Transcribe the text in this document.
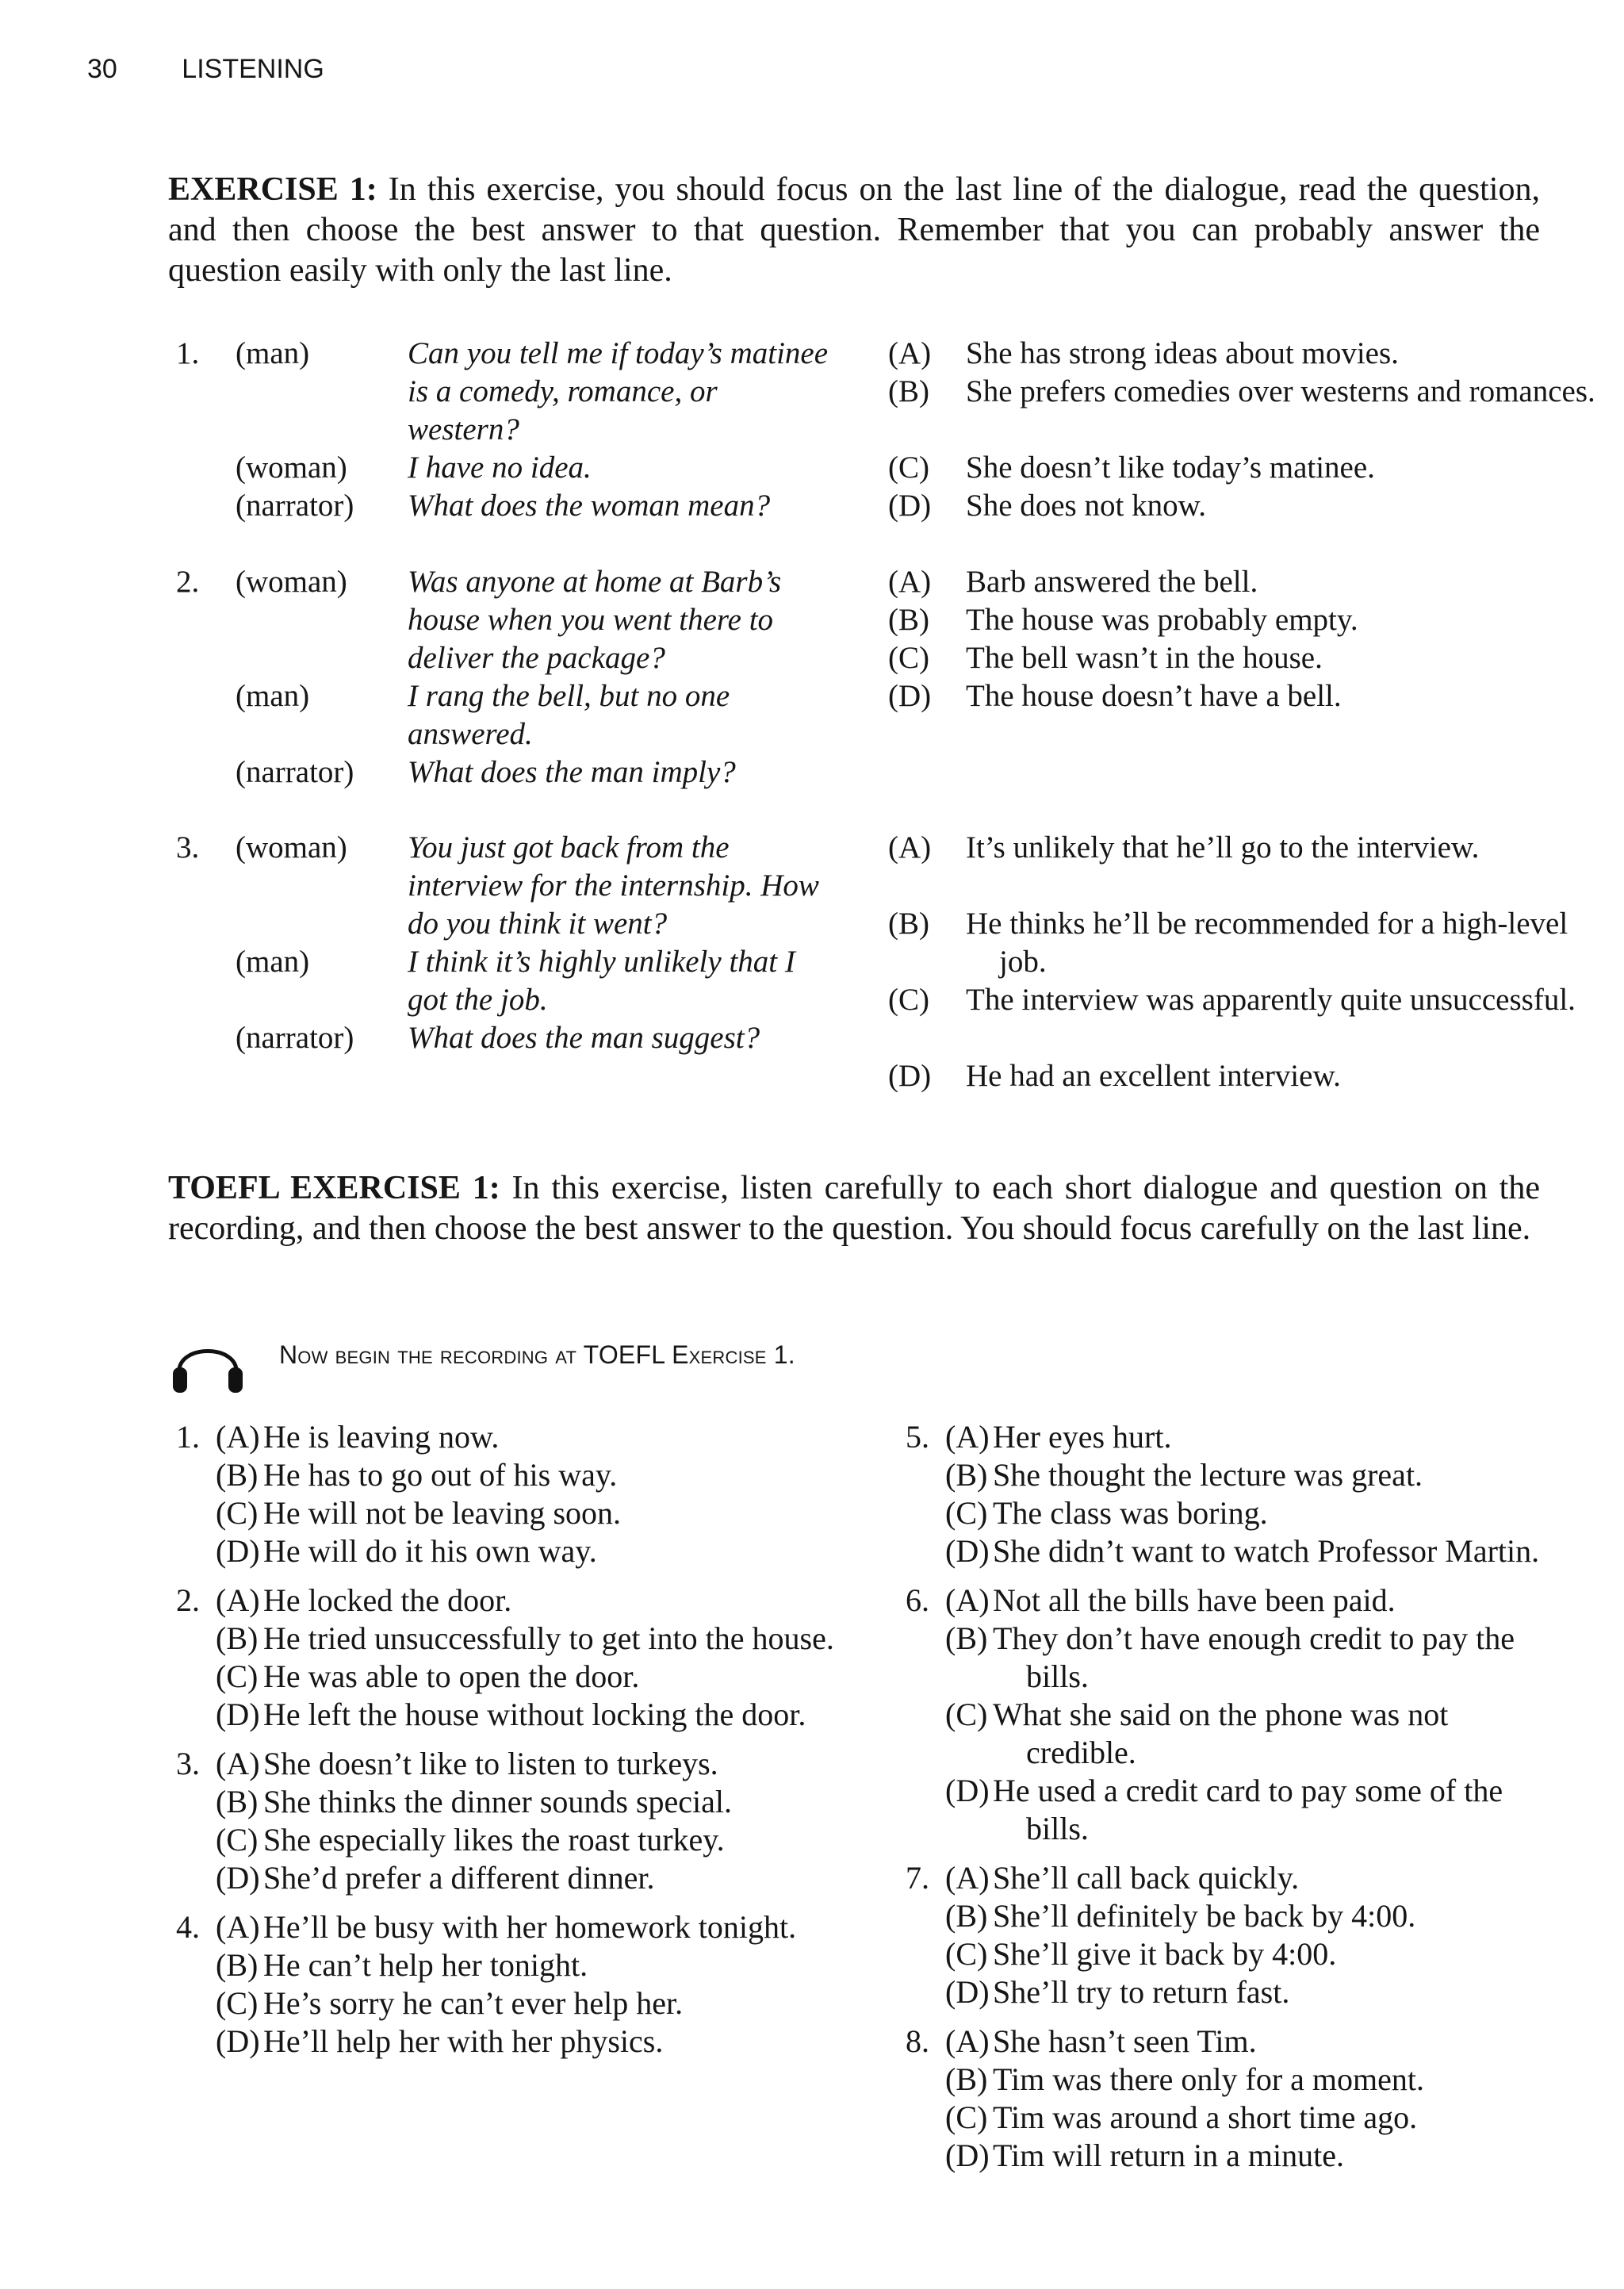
30 LISTENING
EXERCISE 1: In this exercise, you should focus on the last line of the dialogue, read the question, and then choose the best answer to that question. Remember that you can probably answer the question easily with only the last line.
1. (man)	Can you tell me if today’s matinee is a comedy, romance, or western?
(woman)	I have no idea.
(narrator)	What does the woman mean?
(A) She has strong ideas about movies.
(B) She prefers comedies over westerns and romances.
(C) She doesn’t like today’s matinee.
(D) She does not know.
2. (woman)	Was anyone at home at Barb’s house when you went there to deliver the package?
(man)	I rang the bell, but no one answered.
(narrator)	What does the man imply?
(A) Barb answered the bell.
(B) The house was probably empty.
(C) The bell wasn’t in the house.
(D) The house doesn’t have a bell.
3. (woman)	You just got back from the interview for the internship. How do you think it went?
(man)	I think it’s highly unlikely that I got the job.
(narrator)	What does the man suggest?
(A) It’s unlikely that he’ll go to the interview.
(B) He thinks he’ll be recommended for a high-level job.
(C) The interview was apparently quite unsuccessful.
(D) He had an excellent interview.
TOEFL EXERCISE 1: In this exercise, listen carefully to each short dialogue and question on the recording, and then choose the best answer to the question. You should focus carefully on the last line.
Now begin the recording at TOEFL Exercise 1.
1. (A) He is leaving now.
(B) He has to go out of his way.
(C) He will not be leaving soon.
(D) He will do it his own way.
2. (A) He locked the door.
(B) He tried unsuccessfully to get into the house.
(C) He was able to open the door.
(D) He left the house without locking the door.
3. (A) She doesn’t like to listen to turkeys.
(B) She thinks the dinner sounds special.
(C) She especially likes the roast turkey.
(D) She’d prefer a different dinner.
4. (A) He’ll be busy with her homework tonight.
(B) He can’t help her tonight.
(C) He’s sorry he can’t ever help her.
(D) He’ll help her with her physics.
5. (A) Her eyes hurt.
(B) She thought the lecture was great.
(C) The class was boring.
(D) She didn’t want to watch Professor Martin.
6. (A) Not all the bills have been paid.
(B) They don’t have enough credit to pay the bills.
(C) What she said on the phone was not credible.
(D) He used a credit card to pay some of the bills.
7. (A) She’ll call back quickly.
(B) She’ll definitely be back by 4:00.
(C) She’ll give it back by 4:00.
(D) She’ll try to return fast.
8. (A) She hasn’t seen Tim.
(B) Tim was there only for a moment.
(C) Tim was around a short time ago.
(D) Tim will return in a minute.
